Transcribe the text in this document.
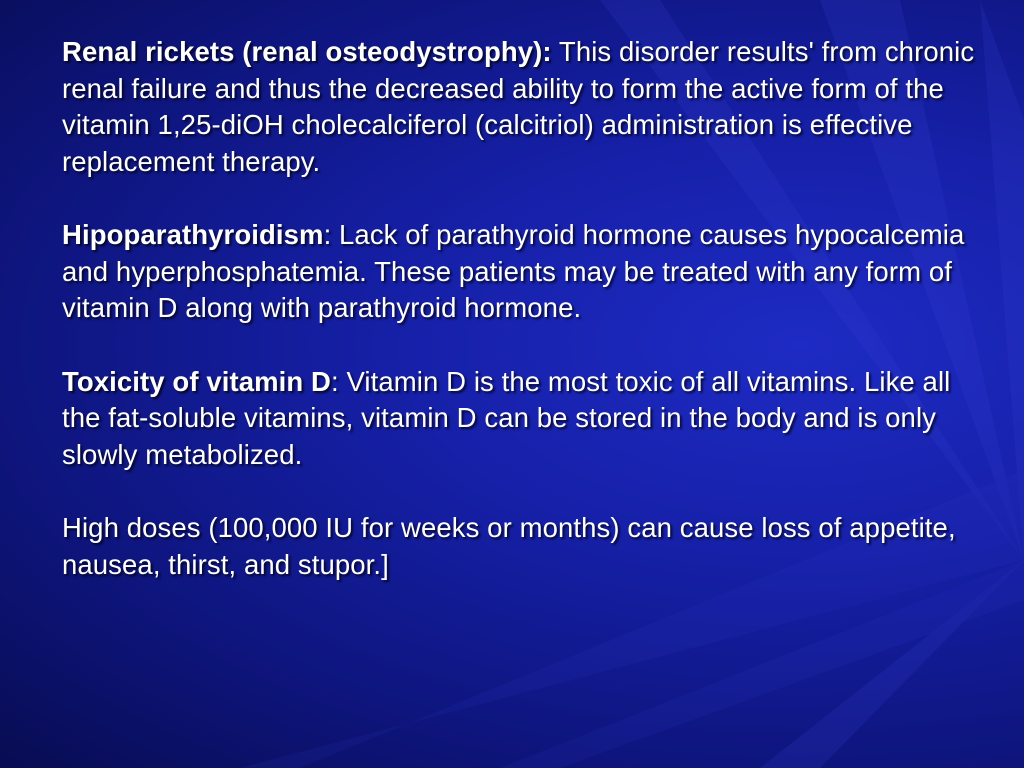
Renal rickets (renal osteodystrophy): This disorder results' from chronic renal failure and thus the decreased ability to form the active form of the vitamin 1,25-diOH cholecalciferol (calcitriol) administration is effective replacement therapy.

Hipoparathyroidism: Lack of parathyroid hormone causes hypocalcemia and hyperphosphatemia. These patients may be treated with any form of vitamin D along with parathyroid hormone.

Toxicity of vitamin D: Vitamin D is the most toxic of all vitamins. Like all the fat-soluble vitamins, vitamin D can be stored in the body and is only slowly metabolized.

High doses (100,000 IU for weeks or months) can cause loss of appetite, nausea, thirst, and stupor.]
